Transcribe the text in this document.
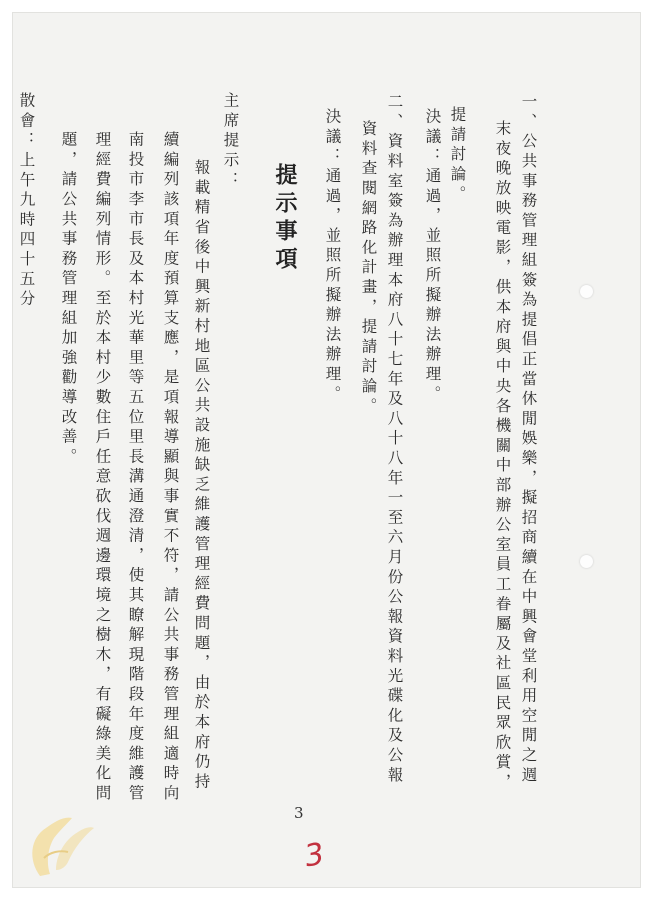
一、公共事務管理組簽為提倡正當休閒娛樂，擬招商續在中興會堂利用空閒之週
末夜晚放映電影，供本府與中央各機關中部辦公室員工眷屬及社區民眾欣賞，
提請討論。
決議：通過，並照所擬辦法辦理。
二、資料室簽為辦理本府八十七年及八十八年一至六月份公報資料光碟化及公報
資料查閱網路化計畫，提請討論。
決議：通過，並照所擬辦法辦理。
提示事項
主席提示：
報載精省後中興新村地區公共設施缺乏維護管理經費問題，由於本府仍持
續編列該項年度預算支應，是項報導顯與事實不符，請公共事務管理組適時向
南投市李市長及本村光華里等五位里長溝通澄清，使其瞭解現階段年度維護管
理經費編列情形。至於本村少數住戶任意砍伐週邊環境之樹木，有礙綠美化問
題，請公共事務管理組加強勸導改善。
散會：上午九時四十五分
3
3
